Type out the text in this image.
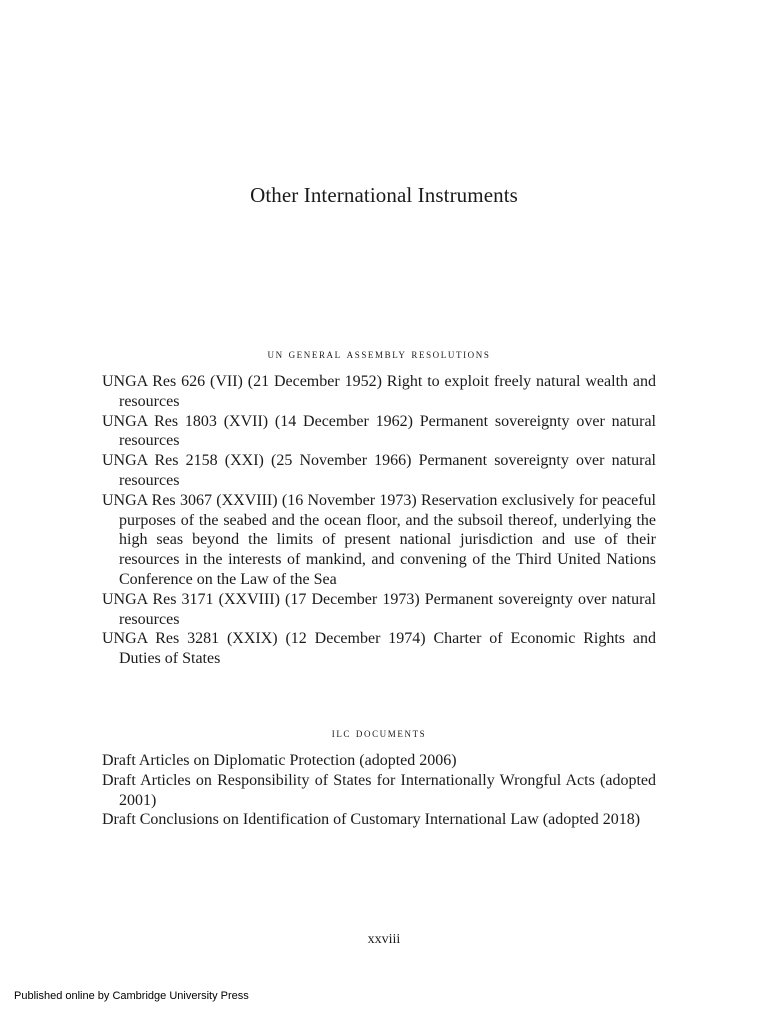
Other International Instruments
un general assembly resolutions

UNGA Res 626 (VII) (21 December 1952) Right to exploit freely natural wealth and resources

UNGA Res 1803 (XVII) (14 December 1962) Permanent sovereignty over natural resources

UNGA Res 2158 (XXI) (25 November 1966) Permanent sovereignty over natural resources

UNGA Res 3067 (XXVIII) (16 November 1973) Reservation exclusively for peaceful purposes of the seabed and the ocean floor, and the subsoil thereof, underlying the high seas beyond the limits of present national jurisdiction and use of their resources in the interests of mankind, and convening of the Third United Nations Conference on the Law of the Sea

UNGA Res 3171 (XXVIII) (17 December 1973) Permanent sovereignty over natural resources

UNGA Res 3281 (XXIX) (12 December 1974) Charter of Economic Rights and Duties of States

ilc documents

Draft Articles on Diplomatic Protection (adopted 2006)

Draft Articles on Responsibility of States for Internationally Wrongful Acts (adopted 2001)

Draft Conclusions on Identification of Customary International Law (adopted 2018)

xxviii
Published online by Cambridge University Press
